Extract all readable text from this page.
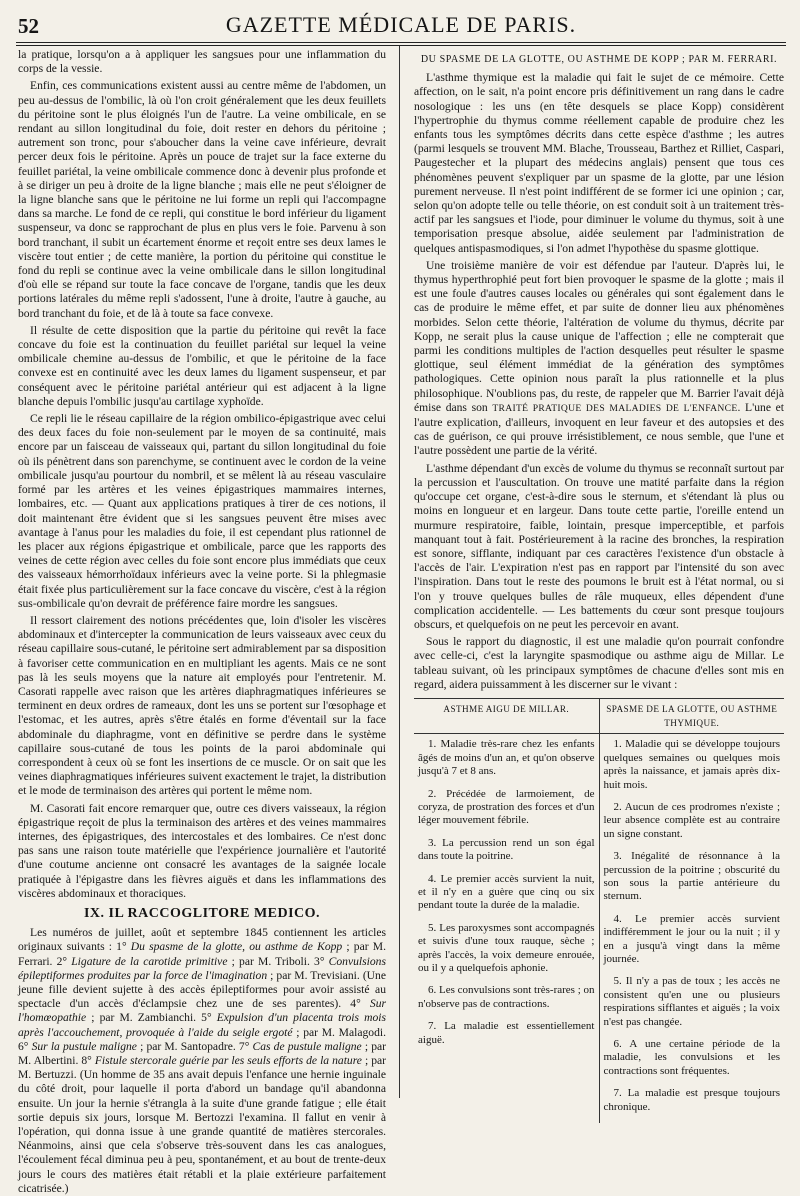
52	GAZETTE MÉDICALE DE PARIS.

la pratique, lorsqu'on a à appliquer les sangsues pour une inflammation du corps de la vessie.

Enfin, ces communications existent aussi au centre même de l'abdomen, un peu au-dessus de l'ombilic, là où l'on croit généralement que les deux feuillets du péritoine sont le plus éloignés l'un de l'autre. La veine ombilicale, en se rendant au sillon longitudinal du foie, doit rester en dehors du péritoine ; autrement son tronc, pour s'aboucher dans la veine cave inférieure, devrait percer deux fois le péritoine. Après un pouce de trajet sur la face externe du feuillet pariétal, la veine ombilicale commence donc à devenir plus profonde et à se diriger un peu à droite de la ligne blanche ; mais elle ne peut s'éloigner de la ligne blanche sans que le péritoine ne lui forme un repli qui l'accompagne dans sa marche. Le fond de ce repli, qui constitue le bord inférieur du ligament suspenseur, va donc se rapprochant de plus en plus vers le foie. Parvenu à son bord tranchant, il subit un écartement énorme et reçoit entre ses deux lames le viscère tout entier ; de cette manière, la portion du péritoine qui constitue le fond du repli se continue avec la veine ombilicale dans le sillon longitudinal d'où elle se répand sur toute la face concave de l'organe, tandis que les deux portions latérales du même repli s'adossent, l'une à droite, l'autre à gauche, au bord tranchant du foie, et de là à toute sa face convexe.

Il résulte de cette disposition que la partie du péritoine qui revêt la face concave du foie est la continuation du feuillet pariétal sur lequel la veine ombilicale chemine au-dessus de l'ombilic, et que le péritoine de la face convexe est en continuité avec les deux lames du ligament suspenseur, et par conséquent avec le péritoine pariétal antérieur qui est adjacent à la ligne blanche depuis l'ombilic jusqu'au cartilage xyphoïde.

Ce repli lie le réseau capillaire de la région ombilico-épigastrique avec celui des deux faces du foie non-seulement par le moyen de sa continuité, mais encore par un faisceau de vaisseaux qui, partant du sillon longitudinal du foie où ils pénètrent dans son parenchyme, se continuent avec le cordon de la veine ombilicale jusqu'au pourtour du nombril, et se mêlent là au réseau vasculaire formé par les artères et les veines épigastriques mammaires internes, lombaires, etc. — Quant aux applications pratiques à tirer de ces notions, il doit maintenant être évident que si les sangsues peuvent être mises avec avantage à l'anus pour les maladies du foie, il est cependant plus rationnel de les placer aux régions épigastrique et ombilicale, parce que les rapports des veines de cette région avec celles du foie sont encore plus immédiats que ceux des vaisseaux hémorrhoïdaux inférieurs avec la veine porte. Si la phlegmasie était fixée plus particulièrement sur la face concave du viscère, c'est à la région sus-ombilicale qu'on devrait de préférence faire mordre les sangsues.

Il ressort clairement des notions précédentes que, loin d'isoler les viscères abdominaux et d'intercepter la communication de leurs vaisseaux avec ceux du réseau capillaire sous-cutané, le péritoine sert admirablement par sa disposition à favoriser cette communication en en multipliant les agents. Mais ce ne sont pas là les seuls moyens que la nature ait employés pour l'entretenir. M. Casorati rappelle avec raison que les artères diaphragmatiques inférieures se terminent en deux ordres de rameaux, dont les uns se portent sur l'œsophage et l'estomac, et les autres, après s'être étalés en forme d'éventail sur la face abdominale du diaphragme, vont en définitive se perdre dans le système capillaire sous-cutané de tous les points de la paroi abdominale qui correspondent à ceux où se font les insertions de ce muscle. Or on sait que les veines diaphragmatiques inférieures suivent exactement le trajet, la distribution et le mode de terminaison des artères qui portent le même nom.

M. Casorati fait encore remarquer que, outre ces divers vaisseaux, la région épigastrique reçoit de plus la terminaison des artères et des veines mammaires internes, des épigastriques, des intercostales et des lombaires. Ce n'est donc pas sans une raison toute matérielle que l'expérience journalière et l'autorité d'une coutume ancienne ont consacré les avantages de la saignée locale pratiquée à l'épigastre dans les fièvres aiguës et dans les inflammations des viscères abdominaux et thoraciques.

IX. IL RACCOGLITORE MEDICO.

Les numéros de juillet, août et septembre 1845 contiennent les articles originaux suivants : 1° Du spasme de la glotte, ou asthme de Kopp ; par M. Ferrari. 2° Ligature de la carotide primitive ; par M. Triboli. 3° Convulsions épileptiformes produites par la force de l'imagination ; par M. Trevisiani. (Une jeune fille devient sujette à des accès épileptiformes pour avoir assisté au spectacle d'un accès d'éclampsie chez une de ses parentes). 4° Sur l'homœopathie ; par M. Zambianchi. 5° Expulsion d'un placenta trois mois après l'accouchement, provoquée à l'aide du seigle ergoté ; par M. Malagodi. 6° Sur la pustule maligne ; par M. Santopadre. 7° Cas de pustule maligne ; par M. Albertini. 8° Fistule stercorale guérie par les seuls efforts de la nature ; par M. Bertuzzi. (Un homme de 35 ans avait depuis l'enfance une hernie inguinale du côté droit, pour laquelle il porta d'abord un bandage qu'il abandonna ensuite. Un jour la hernie s'étrangla à la suite d'une grande fatigue ; elle était sortie depuis six jours, lorsque M. Bertozzi l'examina. Il fallut en venir à l'opération, qui donna issue à une grande quantité de matières stercorales. Néanmoins, ainsi que cela s'observe très-souvent dans les cas analogues, l'écoulement fécal diminua peu à peu, spontanément, et au bout de trente-deux jours le cours des matières était rétabli et la plaie extérieure parfaitement cicatrisée.)

DU SPASME DE LA GLOTTE, OU ASTHME DE KOPP ; PAR M. FERRARI.

L'asthme thymique est la maladie qui fait le sujet de ce mémoire. Cette affection, on le sait, n'a point encore pris définitivement un rang dans le cadre nosologique : les uns (en tête desquels se place Kopp) considèrent l'hypertrophie du thymus comme réellement capable de produire chez les enfants tous les symptômes décrits dans cette espèce d'asthme ; les autres (parmi lesquels se trouvent MM. Blache, Trousseau, Barthez et Rilliet, Caspari, Paugestecher et la plupart des médecins anglais) pensent que tous ces phénomènes peuvent s'expliquer par un spasme de la glotte, par une lésion purement nerveuse. Il n'est point indifférent de se former ici une opinion ; car, selon qu'on adopte telle ou telle théorie, on est conduit soit à un traitement très-actif par les sangsues et l'iode, pour diminuer le volume du thymus, soit à une temporisation presque absolue, aidée seulement par l'administration de quelques antispasmodiques, si l'on admet l'hypothèse du spasme glottique.

Une troisième manière de voir est défendue par l'auteur. D'après lui, le thymus hyperthrophié peut fort bien provoquer le spasme de la glotte ; mais il est une foule d'autres causes locales ou générales qui sont également dans le cas de produire le même effet, et par suite de donner lieu aux phénomènes morbides. Selon cette théorie, l'altération de volume du thymus, décrite par Kopp, ne serait plus la cause unique de l'affection ; elle ne compterait que parmi les conditions multiples de l'action desquelles peut résulter le spasme glottique, seul élément immédiat de la génération des symptômes pathologiques. Cette opinion nous paraît la plus rationnelle et la plus philosophique. N'oublions pas, du reste, de rappeler que M. Barrier l'avait déjà émise dans son TRAITÉ PRATIQUE DES MALADIES DE L'ENFANCE. L'une et l'autre explication, d'ailleurs, invoquent en leur faveur et des autopsies et des cas de guérison, ce qui prouve irrésistiblement, ce nous semble, que l'une et l'autre possèdent une partie de la vérité.

L'asthme dépendant d'un excès de volume du thymus se reconnaît surtout par la percussion et l'auscultation. On trouve une matité parfaite dans la région qu'occupe cet organe, c'est-à-dire sous le sternum, et s'étendant là plus ou moins en longueur et en largeur. Dans toute cette partie, l'oreille entend un murmure respiratoire, faible, lointain, presque imperceptible, et parfois manquant tout à fait. Postérieurement à la racine des bronches, la respiration est sonore, sifflante, indiquant par ces caractères l'existence d'un obstacle à l'accès de l'air. L'expiration n'est pas en rapport par l'intensité du son avec l'inspiration. Dans tout le reste des poumons le bruit est à l'état normal, ou si l'on y trouve quelques bulles de râle muqueux, elles dépendent d'une complication accidentelle. — Les battements du cœur sont presque toujours obscurs, et quelquefois on ne peut les percevoir en avant.

Sous le rapport du diagnostic, il est une maladie qu'on pourrait confondre avec celle-ci, c'est la laryngite spasmodique ou asthme aigu de Millar. Le tableau suivant, où les principaux symptômes de chacune d'elles sont mis en regard, aidera puissamment à les discerner sur le vivant :

ASTHME AIGU DE MILLAR.	SPASME DE LA GLOTTE, OU ASTHME THYMIQUE.

1. Maladie très-rare chez les enfants âgés de moins d'un an, et qu'on observe jusqu'à 7 et 8 ans.

2. Précédée de larmoiement, de coryza, de prostration des forces et d'un léger mouvement fébrile.

3. La percussion rend un son égal dans toute la poitrine.

4. Le premier accès survient la nuit, et il n'y en a guère que cinq ou six pendant toute la durée de la maladie.

5. Les paroxysmes sont accompagnés et suivis d'une toux rauque, sèche ; après l'accès, la voix demeure enrouée, ou il y a quelquefois aphonie.

6. Les convulsions sont très-rares ; on n'observe pas de contractions.

7. La maladie est essentiellement aiguë.

1. Maladie qui se développe toujours quelques semaines ou quelques mois après la naissance, et jamais après dix-huit mois.

2. Aucun de ces prodromes n'existe ; leur absence complète est au contraire un signe constant.

3. Inégalité de résonnance à la percussion de la poitrine ; obscurité du son sous la partie antérieure du sternum.

4. Le premier accès survient indifféremment le jour ou la nuit ; il y en a jusqu'à vingt dans la même journée.

5. Il n'y a pas de toux ; les accès ne consistent qu'en une ou plusieurs respirations sifflantes et aiguës ; la voix n'est pas changée.

6. A une certaine période de la maladie, les convulsions et les contractions sont fréquentes.

7. La maladie est presque toujours chronique.
